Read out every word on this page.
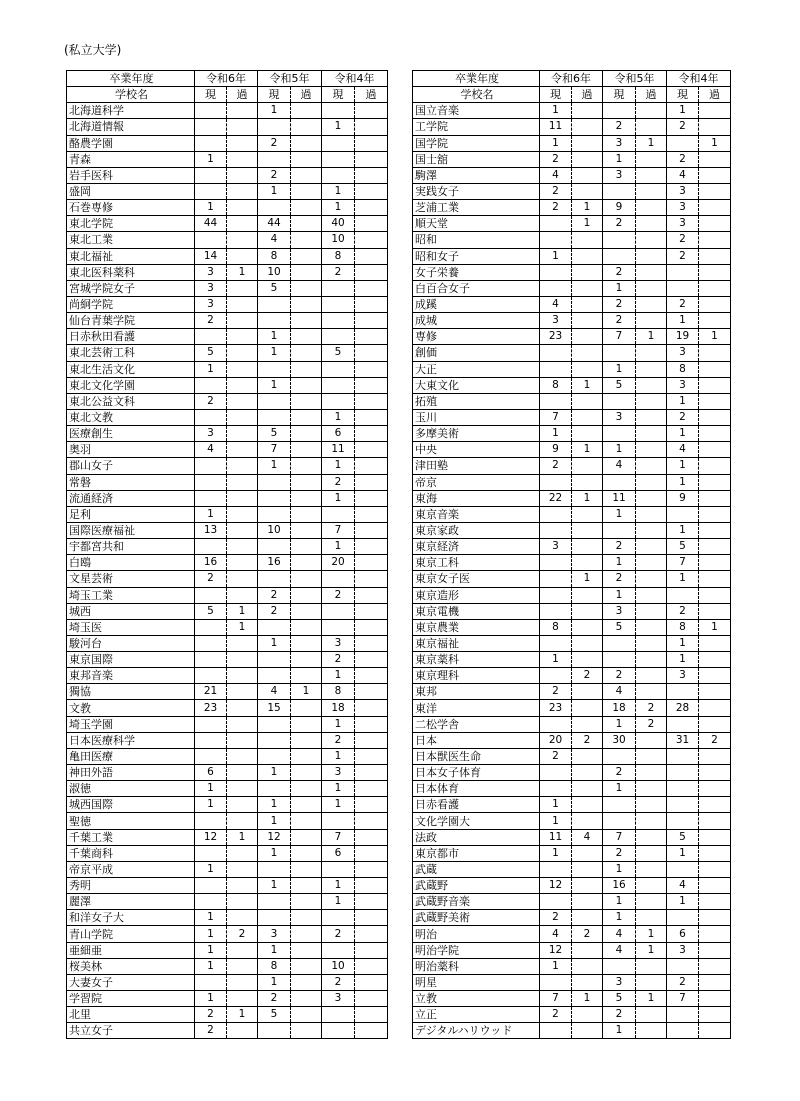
(私立大学)
卒業年度	令和6年		令和5年		令和4年	
学校名	現	過	現	過	現	過
北海道科学			1			
北海道情報					1	
酪農学園			2			
青森	1					
岩手医科			2			
盛岡			1		1	
石巻専修	1				1	
東北学院	44		44		40	
東北工業			4		10	
東北福祉	14		8		8	
東北医科薬科	3	1	10		2	
宮城学院女子	3		5			
尚絅学院	3					
仙台青葉学院	2					
日赤秋田看護			1			
東北芸術工科	5		1		5	
東北生活文化	1					
東北文化学園			1			
東北公益文科	2					
東北文教					1	
医療創生	3		5		6	
奥羽	4		7		11	
郡山女子			1		1	
常磐					2	
流通経済					1	
足利	1					
国際医療福祉	13		10		7	
宇都宮共和					1	
白鴎	16		16		20	
文星芸術	2					
埼玉工業			2		2	
城西	5	1	2			
埼玉医		1				
駿河台			1		3	
東京国際					2	
東邦音楽					1	
獨協	21		4	1	8	
文教	23		15		18	
埼玉学園					1	
日本医療科学					2	
亀田医療					1	
神田外語	6		1		3	
淑徳	1				1	
城西国際	1		1		1	
聖徳			1			
千葉工業	12	1	12		7	
千葉商科			1		6	
帝京平成	1					
秀明			1		1	
麗澤					1	
和洋女子大	1					
青山学院	1	2	3		2	
亜細亜	1		1			
桜美林	1		8		10	
大妻女子			1		2	
学習院	1		2		3	
北里	2	1	5			
共立女子	2					
卒業年度	令和6年		令和5年		令和4年	
学校名	現	過	現	過	現	過
国立音楽	1				1	
工学院	11		2		2	
国学院	1		3	1		1
国士舘	2		1		2	
駒澤	4		3		4	
実践女子	2				3	
芝浦工業	2	1	9		3	
順天堂		1	2		3	
昭和					2	
昭和女子	1				2	
女子栄養			2			
白百合女子			1			
成蹊	4		2		2	
成城	3		2		1	
専修	23		7	1	19	1
創価					3	
大正			1		8	
大東文化	8	1	5		3	
拓殖					1	
玉川	7		3		2	
多摩美術	1				1	
中央	9	1	1		4	
津田塾	2		4		1	
帝京					1	
東海	22	1	11		9	
東京音楽			1			
東京家政					1	
東京経済	3		2		5	
東京工科			1		7	
東京女子医		1	2		1	
東京造形			1			
東京電機			3		2	
東京農業	8		5		8	1
東京福祉					1	
東京薬科	1				1	
東京理科		2	2		3	
東邦	2		4			
東洋	23		18	2	28	
二松学舎			1	2		
日本	20	2	30		31	2
日本獣医生命	2					
日本女子体育			2			
日本体育			1			
日赤看護	1					
文化学園大	1					
法政	11	4	7		5	
東京都市	1		2		1	
武蔵			1			
武蔵野	12		16		4	
武蔵野音楽			1		1	
武蔵野美術	2		1			
明治	4	2	4	1	6	
明治学院	12		4	1	3	
明治薬科	1					
明星			3		2	
立教	7	1	5	1	7	
立正	2		2			
デジタルハリウッド			1			
